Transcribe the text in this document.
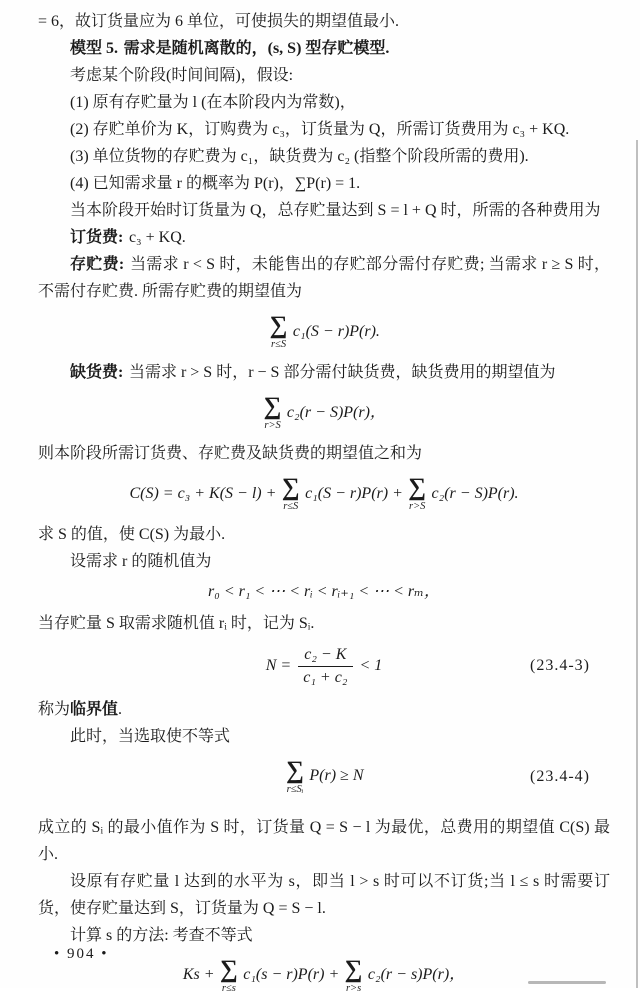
= 6，故订货量应为 6 单位，可使损失的期望值最小.

模型 5. 需求是随机离散的，(s, S) 型存贮模型.

考虑某个阶段(时间间隔)，假设:

(1) 原有存贮量为 l (在本阶段内为常数)，

(2) 存贮单价为 K，订购费为 c₃，订货量为 Q，所需订货费用为 c₃ + KQ.

(3) 单位货物的存贮费为 c₁，缺货费为 c₂ (指整个阶段所需的费用).

(4) 已知需求量 r 的概率为 P(r)，∑P(r) = 1.

当本阶段开始时订货量为 Q，总存贮量达到 S = l + Q 时，所需的各种费用为

订货费: c₃ + KQ.

存贮费: 当需求 r < S 时，未能售出的存贮部分需付存贮费; 当需求 r ≥ S 时，不需付存贮费. 所需存贮费的期望值为

∑
r≤S
c₁(S − r)P(r).

缺货费: 当需求 r > S 时，r − S 部分需付缺货费，缺货费用的期望值为

∑
r>S
c₂(r − S)P(r)，

则本阶段所需订货费、存贮费及缺货费的期望值之和为

C(S) = c₃ + K(S − l) + ∑
r≤S
c₁(S − r)P(r) + ∑
r>S
c₂(r − S)P(r).

求 S 的值，使 C(S) 为最小.

设需求 r 的随机值为

r₀ < r₁ < ⋯ < rᵢ < rᵢ₊₁ < ⋯ < rₘ，

当存贮量 S 取需求随机值 rᵢ 时，记为 Sᵢ.

$N = \frac{\text{c₂ − K}}{\text{c₁ + c₂}} < 1$	(23.4-3)

称为临界值.

此时，当选取使不等式

∑
r≤Sᵢ
P(r) ≥ N	(23.4-4)

成立的 Sᵢ 的最小值作为 S 时，订货量 Q = S − l 为最优，总费用的期望值 C(S) 最小.

设原有存贮量 l 达到的水平为 s，即当 l > s 时可以不订货;当 l ≤ s 时需要订货，使存贮量达到 S，订货量为 Q = S − l.

计算 s 的方法: 考查不等式

Ks + ∑
r≤s
c₁(s − r)P(r) + ∑
r>s
c₂(r − s)P(r)，
• 904 •
